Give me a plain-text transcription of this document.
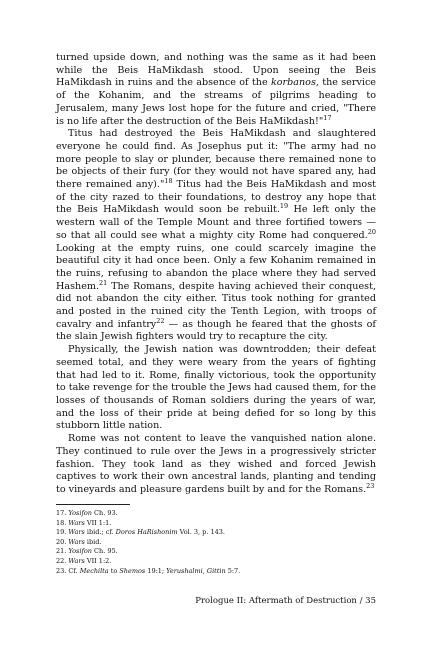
turned upside down, and nothing was the same as it had been while the Beis HaMikdash stood. Upon seeing the Beis HaMikdash in ruins and the absence of the korbanos, the service of the Kohanim, and the streams of pilgrims heading to Jerusalem, many Jews lost hope for the future and cried, "There is no life after the destruction of the Beis HaMikdash!"$^{17}$

Titus had destroyed the Beis HaMikdash and slaughtered everyone he could find. As Josephus put it: "The army had no more people to slay or plunder, because there remained none to be objects of their fury (for they would not have spared any, had there remained any)."$^{18}$ Titus had the Beis HaMikdash and most of the city razed to their foundations, to destroy any hope that the Beis HaMikdash would soon be rebuilt.$^{19}$ He left only the western wall of the Temple Mount and three fortified towers — so that all could see what a mighty city Rome had conquered.$^{20}$ Looking at the empty ruins, one could scarcely imagine the beautiful city it had once been. Only a few Kohanim remained in the ruins, refusing to abandon the place where they had served Hashem.$^{21}$ The Romans, despite having achieved their conquest, did not abandon the city either. Titus took nothing for granted and posted in the ruined city the Tenth Legion, with troops of cavalry and infantry$^{22}$ — as though he feared that the ghosts of the slain Jewish fighters would try to recapture the city.

Physically, the Jewish nation was downtrodden; their defeat seemed total, and they were weary from the years of fighting that had led to it. Rome, finally victorious, took the opportunity to take revenge for the trouble the Jews had caused them, for the losses of thousands of Roman soldiers during the years of war, and the loss of their pride at being defied for so long by this stubborn little nation.

Rome was not content to leave the vanquished nation alone. They continued to rule over the Jews in a progressively stricter fashion. They took land as they wished and forced Jewish captives to work their own ancestral lands, planting and tending to vineyards and pleasure gardens built by and for the Romans.$^{23}$

17. Yosifon Ch. 93.
18. Wars VII 1:1.
19. Wars ibid.; cf. Doros HaRishonim Vol. 3, p. 143.
20. Wars ibid.
21. Yosifon Ch. 95.
22. Wars VII 1:2.
23. Cf. Mechilta to Shemos 19:1; Yerushalmi, Gittin 5:7.
Prologue II: Aftermath of Destruction / 35
